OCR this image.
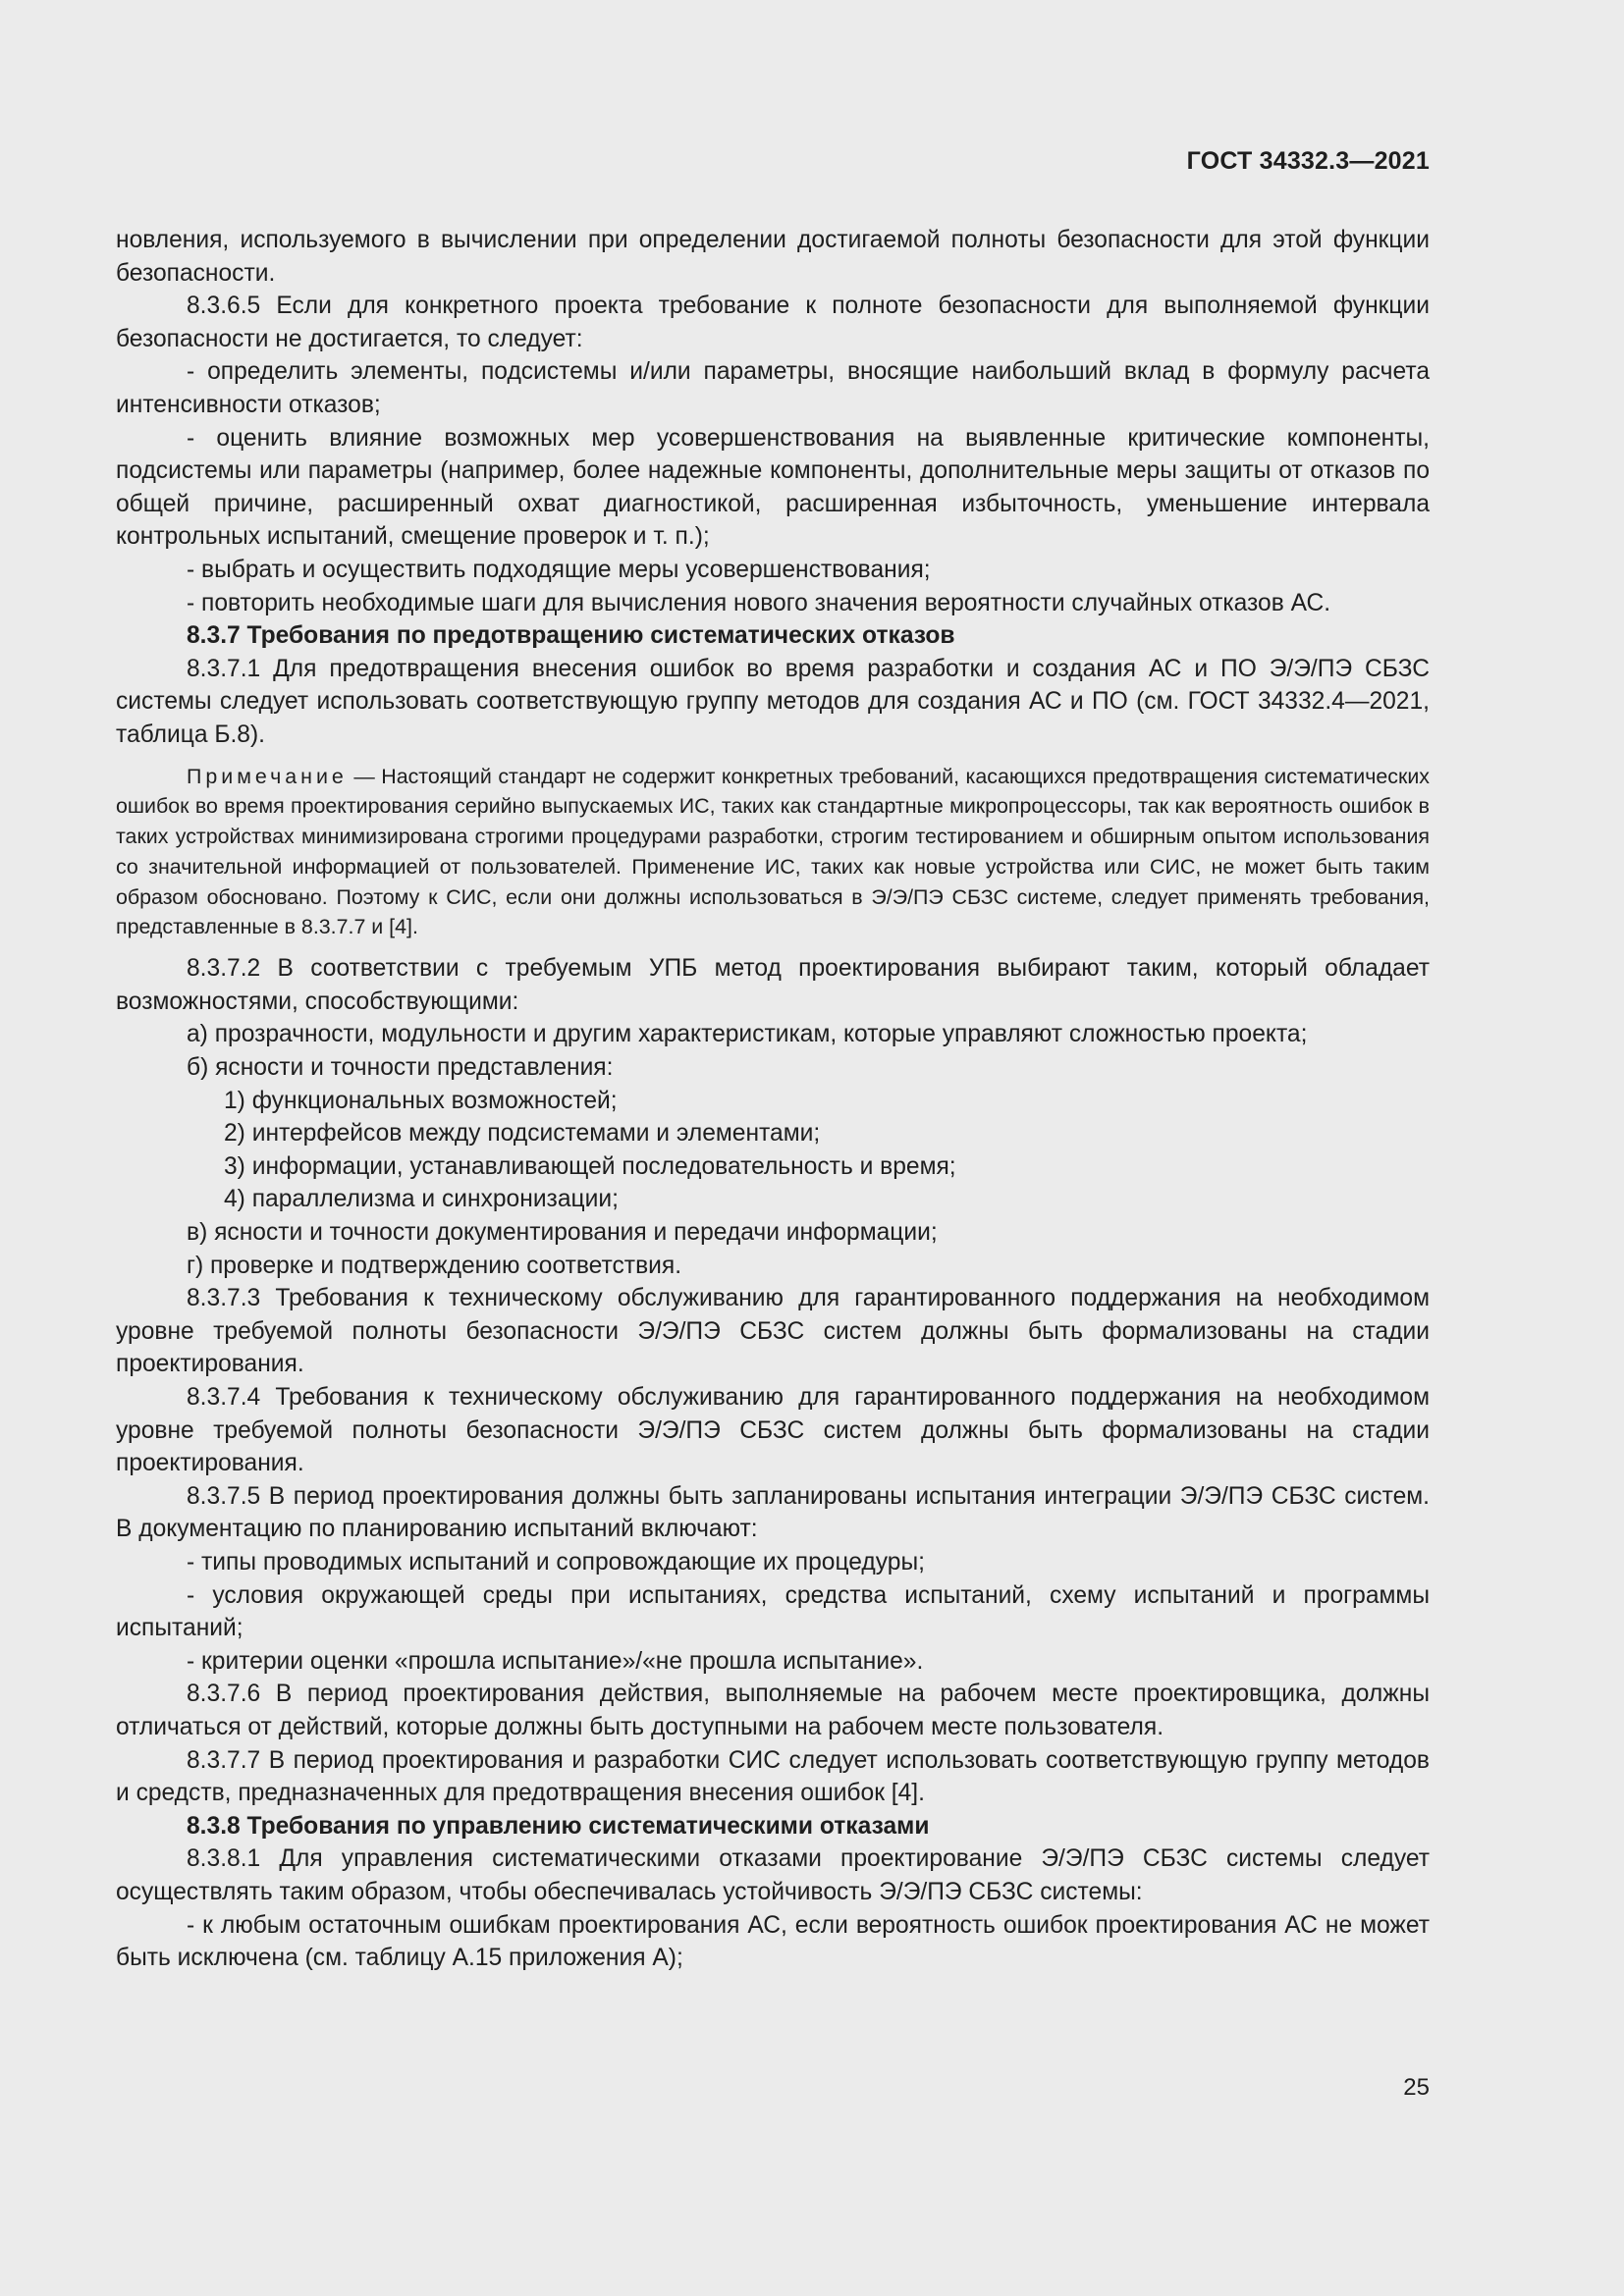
ГОСТ 34332.3—2021

новления, используемого в вычислении при определении достигаемой полноты безопасности для этой функции безопасности.

8.3.6.5 Если для конкретного проекта требование к полноте безопасности для выполняемой функции безопасности не достигается, то следует:

- определить элементы, подсистемы и/или параметры, вносящие наибольший вклад в формулу расчета интенсивности отказов;

- оценить влияние возможных мер усовершенствования на выявленные критические компоненты, подсистемы или параметры (например, более надежные компоненты, дополнительные меры защиты от отказов по общей причине, расширенный охват диагностикой, расширенная избыточность, уменьшение интервала контрольных испытаний, смещение проверок и т. п.);

- выбрать и осуществить подходящие меры усовершенствования;

- повторить необходимые шаги для вычисления нового значения вероятности случайных отказов АС.

8.3.7 Требования по предотвращению систематических отказов

8.3.7.1 Для предотвращения внесения ошибок во время разработки и создания АС и ПО Э/Э/ПЭ СБЗС системы следует использовать соответствующую группу методов для создания АС и ПО (см. ГОСТ 34332.4—2021, таблица Б.8).

Примечание — Настоящий стандарт не содержит конкретных требований, касающихся предотвращения систематических ошибок во время проектирования серийно выпускаемых ИС, таких как стандартные микропроцессоры, так как вероятность ошибок в таких устройствах минимизирована строгими процедурами разработки, строгим тестированием и обширным опытом использования со значительной информацией от пользователей. Применение ИС, таких как новые устройства или СИС, не может быть таким образом обосновано. Поэтому к СИС, если они должны использоваться в Э/Э/ПЭ СБЗС системе, следует применять требования, представленные в 8.3.7.7 и [4].

8.3.7.2 В соответствии с требуемым УПБ метод проектирования выбирают таким, который обладает возможностями, способствующими:

а) прозрачности, модульности и другим характеристикам, которые управляют сложностью проекта;

б) ясности и точности представления:

1) функциональных возможностей;

2) интерфейсов между подсистемами и элементами;

3) информации, устанавливающей последовательность и время;

4) параллелизма и синхронизации;

в) ясности и точности документирования и передачи информации;

г) проверке и подтверждению соответствия.

8.3.7.3 Требования к техническому обслуживанию для гарантированного поддержания на необходимом уровне требуемой полноты безопасности Э/Э/ПЭ СБЗС систем должны быть формализованы на стадии проектирования.

8.3.7.4 Требования к техническому обслуживанию для гарантированного поддержания на необходимом уровне требуемой полноты безопасности Э/Э/ПЭ СБЗС систем должны быть формализованы на стадии проектирования.

8.3.7.5 В период проектирования должны быть запланированы испытания интеграции Э/Э/ПЭ СБЗС систем. В документацию по планированию испытаний включают:

- типы проводимых испытаний и сопровождающие их процедуры;

- условия окружающей среды при испытаниях, средства испытаний, схему испытаний и программы испытаний;

- критерии оценки «прошла испытание»/«не прошла испытание».

8.3.7.6 В период проектирования действия, выполняемые на рабочем месте проектировщика, должны отличаться от действий, которые должны быть доступными на рабочем месте пользователя.

8.3.7.7 В период проектирования и разработки СИС следует использовать соответствующую группу методов и средств, предназначенных для предотвращения внесения ошибок [4].

8.3.8 Требования по управлению систематическими отказами

8.3.8.1 Для управления систематическими отказами проектирование Э/Э/ПЭ СБЗС системы следует осуществлять таким образом, чтобы обеспечивалась устойчивость Э/Э/ПЭ СБЗС системы:

- к любым остаточным ошибкам проектирования АС, если вероятность ошибок проектирования АС не может быть исключена (см. таблицу А.15 приложения А);

25
